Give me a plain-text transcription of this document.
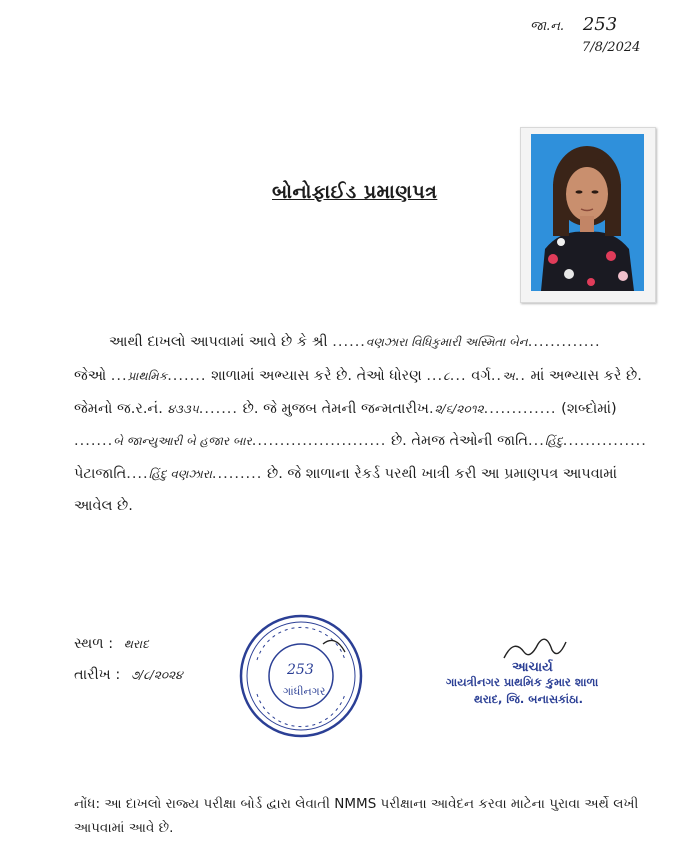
જા.ન. 253
7/8/2024
બોનોફાઈડ પ્રમાણપત્ર
આથી દાખલો આપવામાં આવે છે કે શ્રી ......વણઝારા વિધિકુમારી અસ્મિતા બેન.............
જેઓ ...પ્રાથમિક....... શાળામાં અભ્યાસ કરે છે. તેઓ ધોરણ ...૮... વર્ગ..અ.. માં અભ્યાસ કરે છે.
જેમનો જ.ર.નં. ૪૩૩૫....... છે. જે મુજબ તેમની જન્મતારીખ.૨/૬/૨૦૧૨............. (શબ્દોમાં)
.......બે જાન્યુઆરી બે હજાર બાર........................ છે. તેમજ તેઓની જાતિ...હિંદુ...............
પેટાજાતિ....હિંદુ વણઝારા......... છે. જે શાળાના રેકર્ડ પરથી ખાત્રી કરી આ પ્રમાણપત્ર આપવામાં
આવેલ છે.
સ્થળ : થરાદ
તારીખ : ૭/૮/૨૦૨૪	253
ગાંધીનગર
આચાર્ય
ગાયત્રીનગર પ્રાથમિક કુમાર શાળા
થરાદ, જિ. બનાસકાંઠા.
નોંધ: આ દાખલો રાજ્ય પરીક્ષા બોર્ડ દ્વારા લેવાતી NMMS પરીક્ષાના આવેદન કરવા માટેના પુરાવા અર્થે લખી
આપવામાં આવે છે.
